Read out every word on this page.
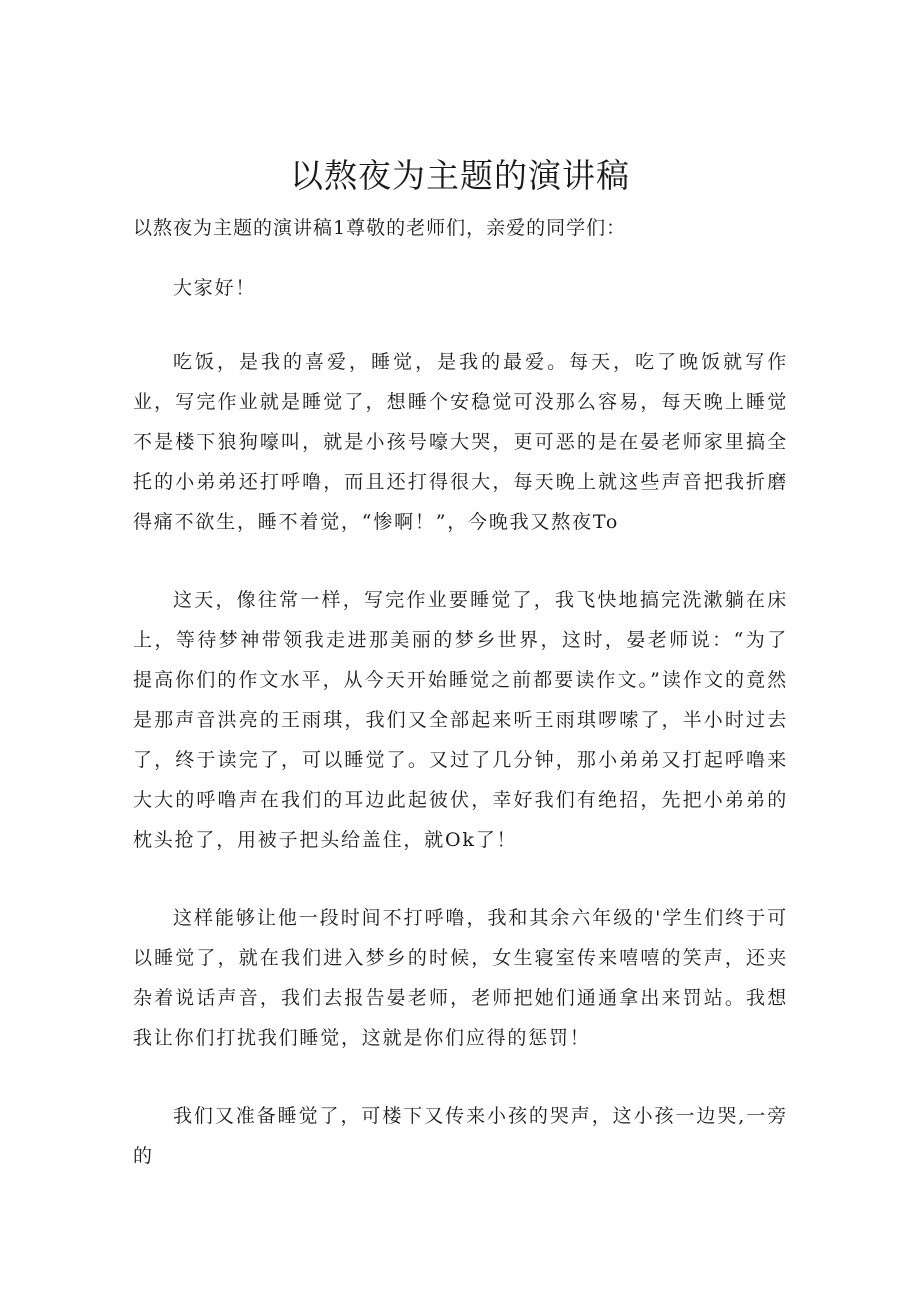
以熬夜为主题的演讲稿

以熬夜为主题的演讲稿1尊敬的老师们，亲爱的同学们：

大家好！

吃饭，是我的喜爱，睡觉，是我的最爱。每天，吃了晚饭就写作业，写完作业就是睡觉了，想睡个安稳觉可没那么容易，每天晚上睡觉不是楼下狼狗嚎叫，就是小孩号嚎大哭，更可恶的是在晏老师家里搞全托的小弟弟还打呼噜，而且还打得很大，每天晚上就这些声音把我折磨得痛不欲生，睡不着觉，“惨啊！”，今晚我又熬夜To

这天，像往常一样，写完作业要睡觉了，我飞快地搞完洗漱躺在床上，等待梦神带领我走进那美丽的梦乡世界，这时，晏老师说：“为了提高你们的作文水平，从今天开始睡觉之前都要读作文。”读作文的竟然是那声音洪亮的王雨琪，我们又全部起来听王雨琪啰嗦了，半小时过去了，终于读完了，可以睡觉了。又过了几分钟，那小弟弟又打起呼噜来大大的呼噜声在我们的耳边此起彼伏，幸好我们有绝招，先把小弟弟的枕头抢了，用被子把头给盖住，就Ok了！

这样能够让他一段时间不打呼噜，我和其余六年级的'学生们终于可以睡觉了，就在我们进入梦乡的时候，女生寝室传来嘻嘻的笑声，还夹杂着说话声音，我们去报告晏老师，老师把她们通通拿出来罚站。我想我让你们打扰我们睡觉，这就是你们应得的惩罚！

我们又准备睡觉了，可楼下又传来小孩的哭声，这小孩一边哭,一旁的
